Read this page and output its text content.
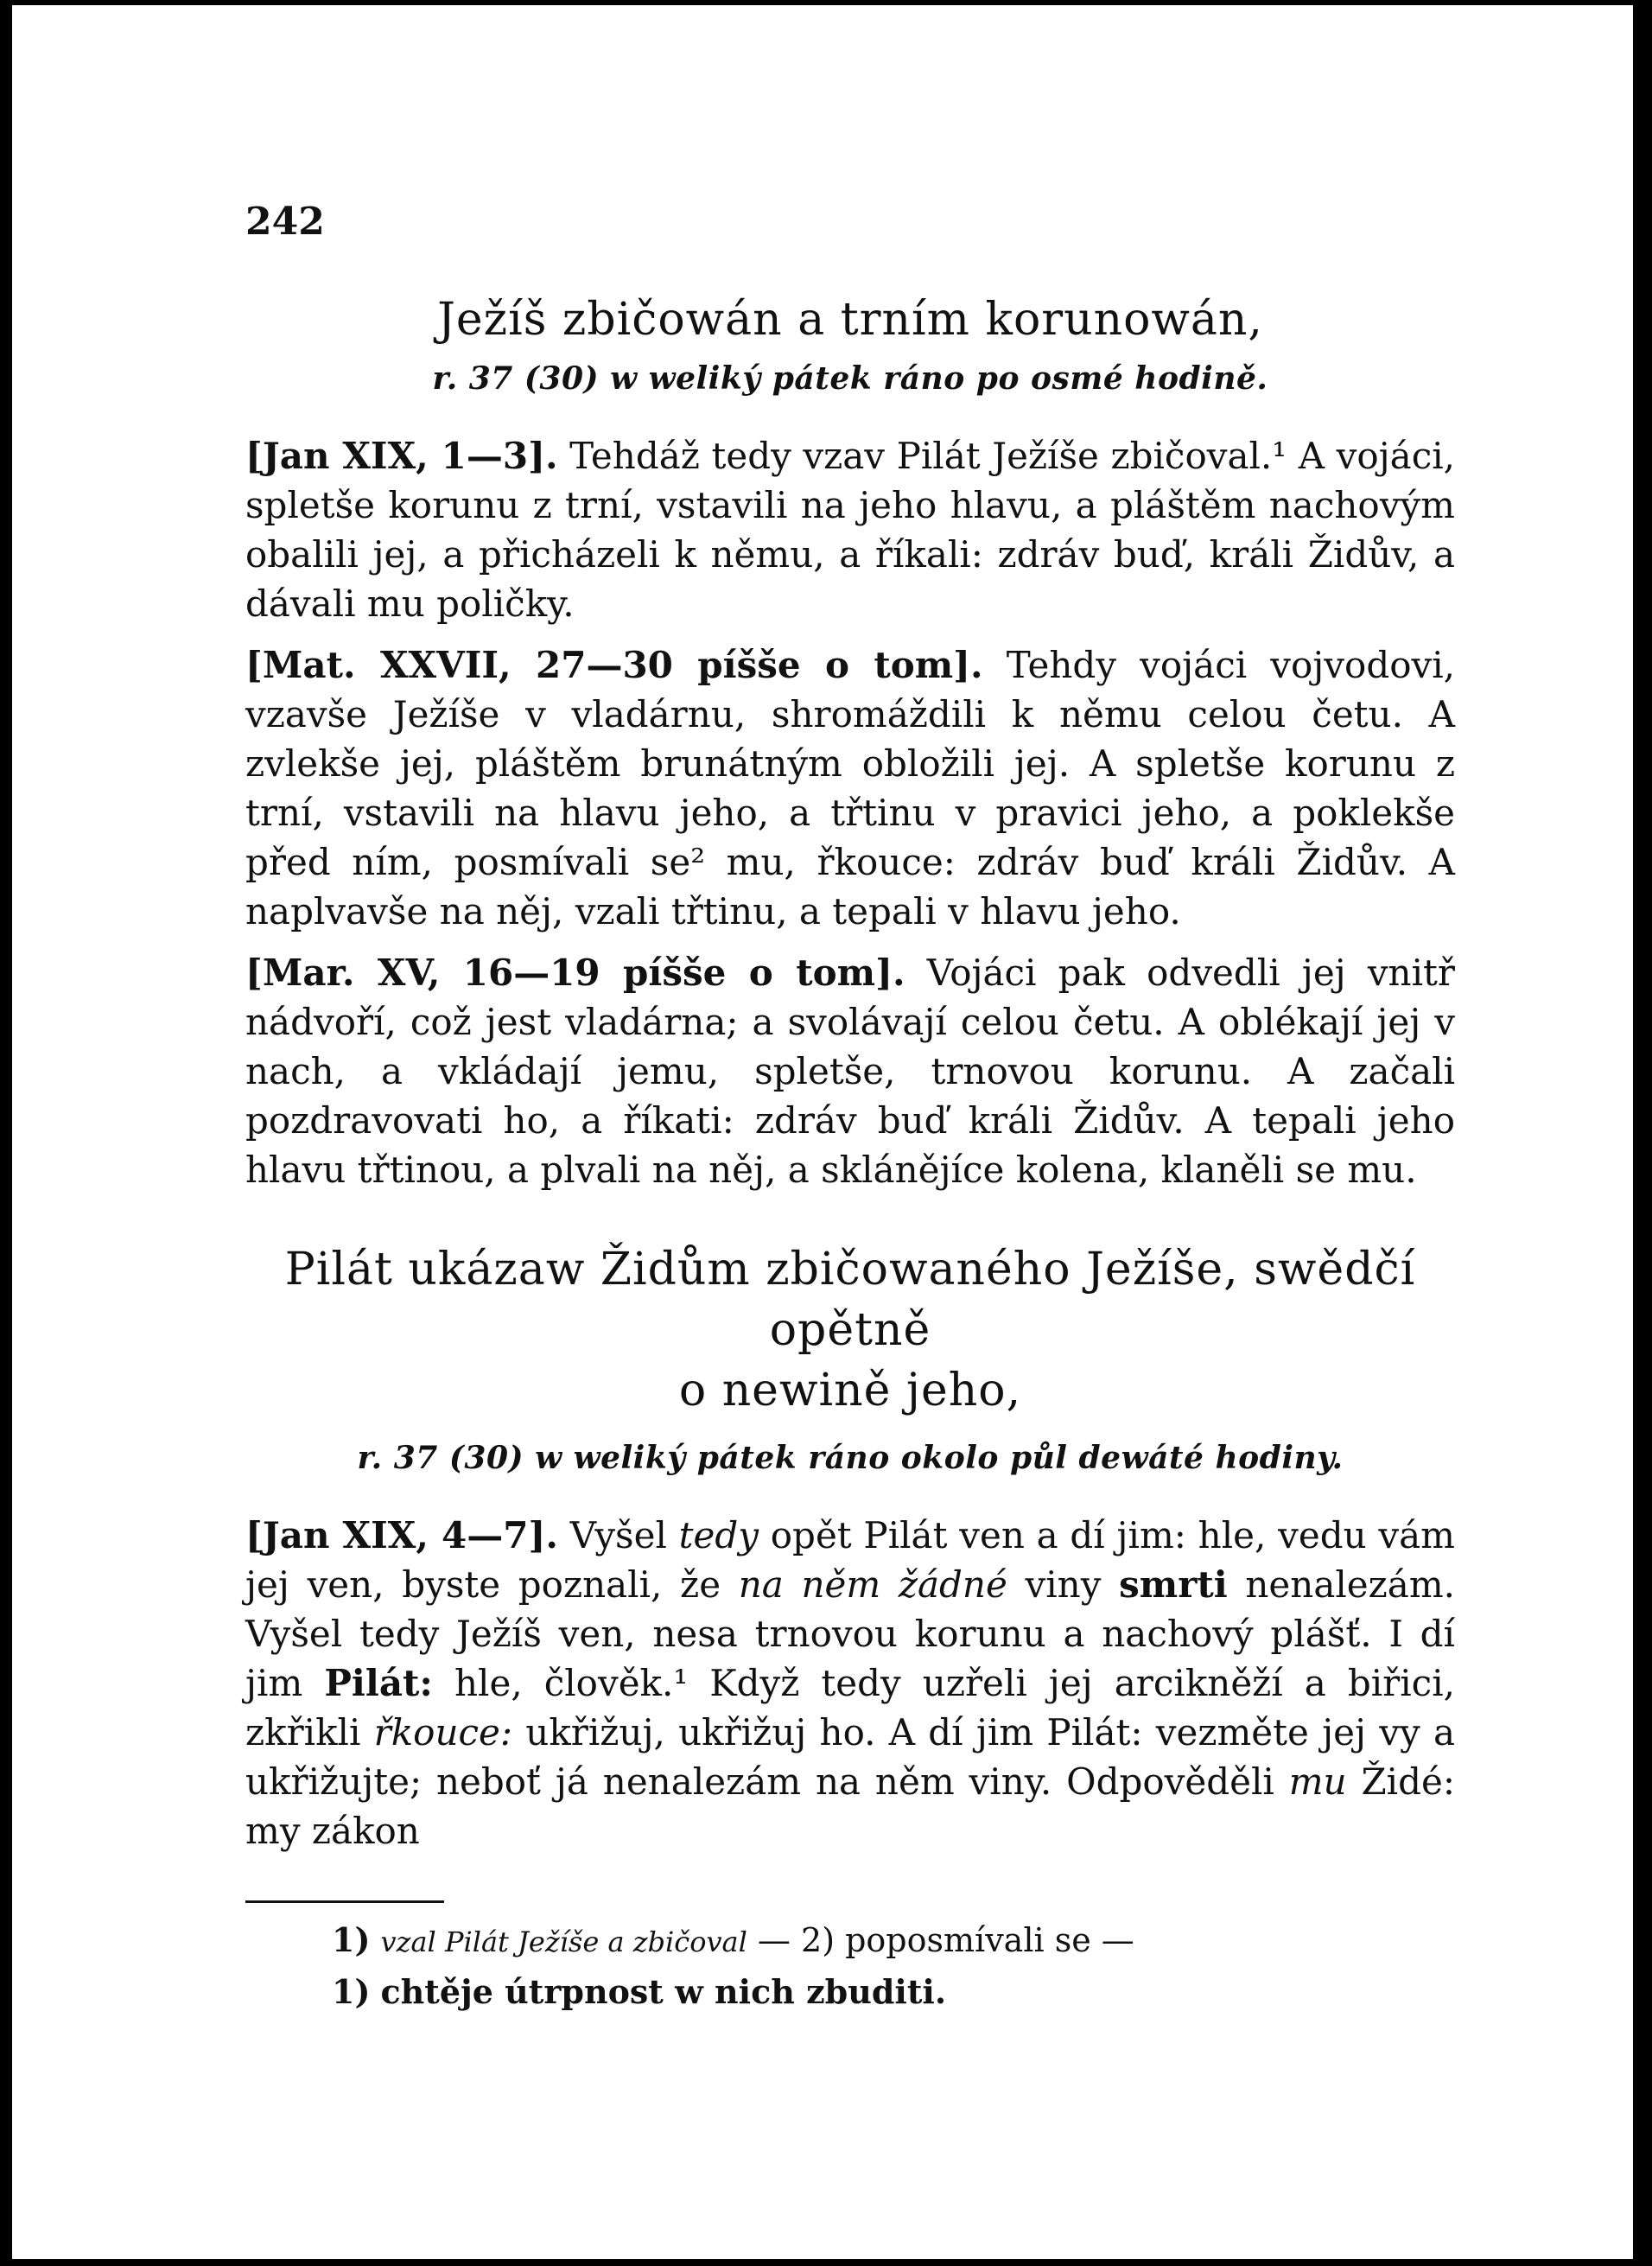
242
Ježíš zbičowán a trním korunowán,
r. 37 (30) w weliký pátek ráno po osmé hodině.

[Jan XIX, 1—3]. Tehdáž tedy vzav Pilát Ježíše zbičoval.¹ A vojáci, spletše korunu z trní, vstavili na jeho hlavu, a pláštěm nachovým obalili jej, a přicházeli k němu, a říkali: zdráv buď, králi Židův, a dávali mu poličky.

[Mat. XXVII, 27—30 píšše o tom]. Tehdy vojáci vojvodovi, vzavše Ježíše v vladárnu, shromáždili k němu celou četu. A zvlekše jej, pláštěm brunátným obložili jej. A spletše korunu z trní, vstavili na hlavu jeho, a třtinu v pravici jeho, a poklekše před ním, posmívali se² mu, řkouce: zdráv buď králi Židův. A naplvavše na něj, vzali třtinu, a tepali v hlavu jeho.

[Mar. XV, 16—19 píšše o tom]. Vojáci pak odvedli jej vnitř nádvoří, což jest vladárna; a svolávají celou četu. A oblékají jej v nach, a vkládají jemu, spletše, trnovou korunu. A začali pozdravovati ho, a říkati: zdráv buď králi Židův. A tepali jeho hlavu třtinou, a plvali na něj, a sklánějíce kolena, klaněli se mu.

Pilát ukázaw Židům zbičowaného Ježíše, swědčí opětně
o newině jeho,
r. 37 (30) w weliký pátek ráno okolo půl dewáté hodiny.

[Jan XIX, 4—7]. Vyšel tedy opět Pilát ven a dí jim: hle, vedu vám jej ven, byste poznali, že na něm žádné viny smrti nenalezám. Vyšel tedy Ježíš ven, nesa trnovou korunu a nachový plášť. I dí jim Pilát: hle, člověk.¹ Když tedy uzřeli jej arcikněží a biřici, zkřikli řkouce: ukřižuj, ukřižuj ho. A dí jim Pilát: vezměte jej vy a ukřižujte; neboť já nenalezám na něm viny. Odpověděli mu Židé: my zákon

1) vzal Pilát Ježíše a zbičoval — 2) poposmívali se —
1) chtěje útrpnost w nich zbuditi.
